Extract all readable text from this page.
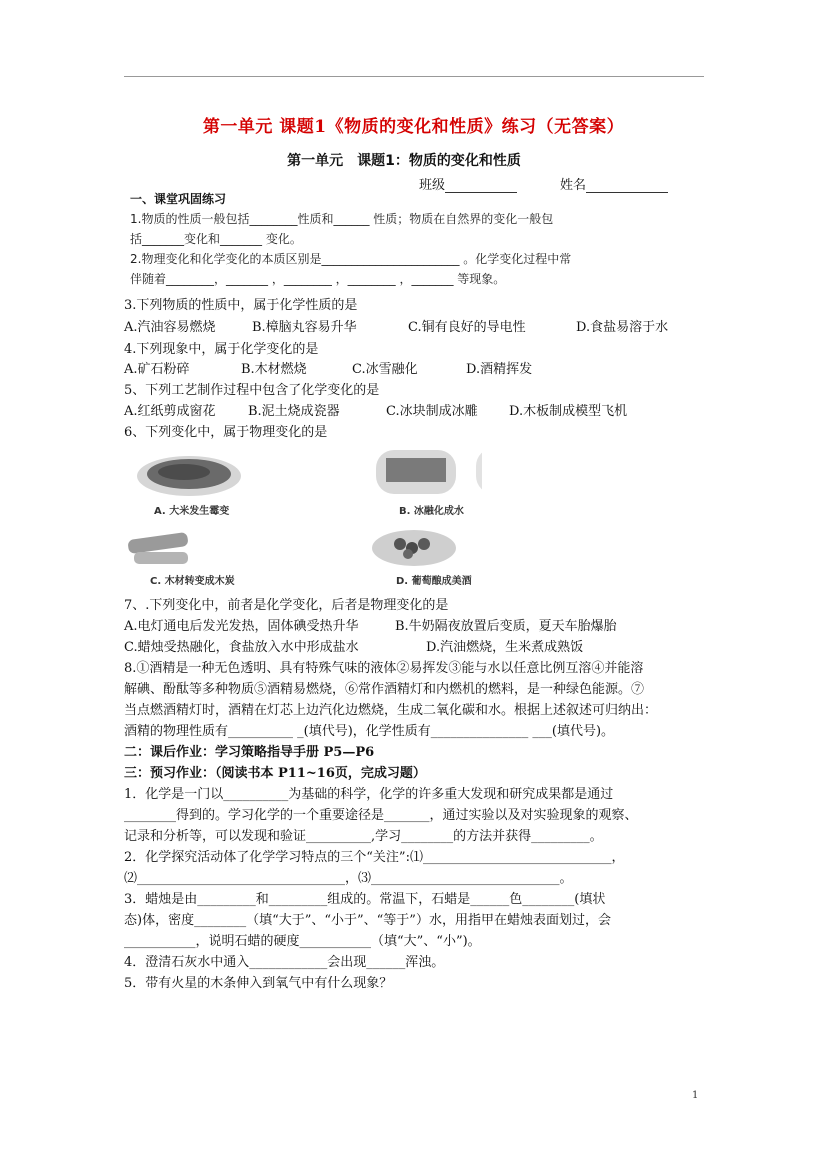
第一单元 课题1《物质的变化和性质》练习（无答案）
第一单元　课题1：物质的变化和性质
班级	姓名
一、课堂巩固练习
1.物质的性质一般包括________性质和______ 性质；物质在自然界的变化一般包
括_______变化和_______ 变化。
2.物理变化和化学变化的本质区别是_______________________ 。化学变化过程中常
伴随着________，_______ ，________ ，________ ，_______ 等现象。
3.下列物质的性质中，属于化学性质的是
A.汽油容易燃烧	B.樟脑丸容易升华	C.铜有良好的导电性	D.食盐易溶于水
4.下列现象中，属于化学变化的是
A.矿石粉碎	B.木材燃烧	C.冰雪融化	D.酒精挥发
5、下列工艺制作过程中包含了化学变化的是
A.红纸剪成窗花 B.泥土烧成瓷器	C.冰块制成冰雕 D.木板制成模型飞机
6、下列变化中，属于物理变化的是
A. 大米发生霉变	B. 冰融化成水
C. 木材转变成木炭	D. 葡萄酿成美酒
7、.下列变化中，前者是化学变化，后者是物理变化的是
A.电灯通电后发光发热，固体碘受热升华	B.牛奶隔夜放置后变质，夏天车胎爆胎
C.蜡烛受热融化，食盐放入水中形成盐水	D.汽油燃烧，生米煮成熟饭
8.①酒精是一种无色透明、具有特殊气味的液体②易挥发③能与水以任意比例互溶④并能溶
解碘、酚酞等多种物质⑤酒精易燃烧，⑥常作酒精灯和内燃机的燃料，是一种绿色能源。⑦
当点燃酒精灯时，酒精在灯芯上边汽化边燃烧，生成二氧化碳和水。根据上述叙述可归纳出：
酒精的物理性质有__________ _(填代号)，化学性质有_______________ ___(填代号)。
二：课后作业：学习策略指导手册 P5—P6
三：预习作业：（阅读书本 P11~16页，完成习题）
1．化学是一门以__________为基础的科学，化学的许多重大发现和研究成果都是通过
________得到的。学习化学的一个重要途径是_______，通过实验以及对实验现象的观察、
记录和分析等，可以发现和验证__________,学习________的方法并获得_________。
2．化学探究活动体了化学学习特点的三个“关注”:⑴_____________________________，
⑵________________________________，⑶_____________________________。
3．蜡烛是由_________和_________组成的。常温下，石蜡是______色________(填状
态)体，密度________（填“大于”、“小于”、“等于”）水，用指甲在蜡烛表面划过，会
___________，说明石蜡的硬度___________（填“大”、“小”)。
4．澄清石灰水中通入____________会出现______浑浊。
5．带有火星的木条伸入到氧气中有什么现象？
1
